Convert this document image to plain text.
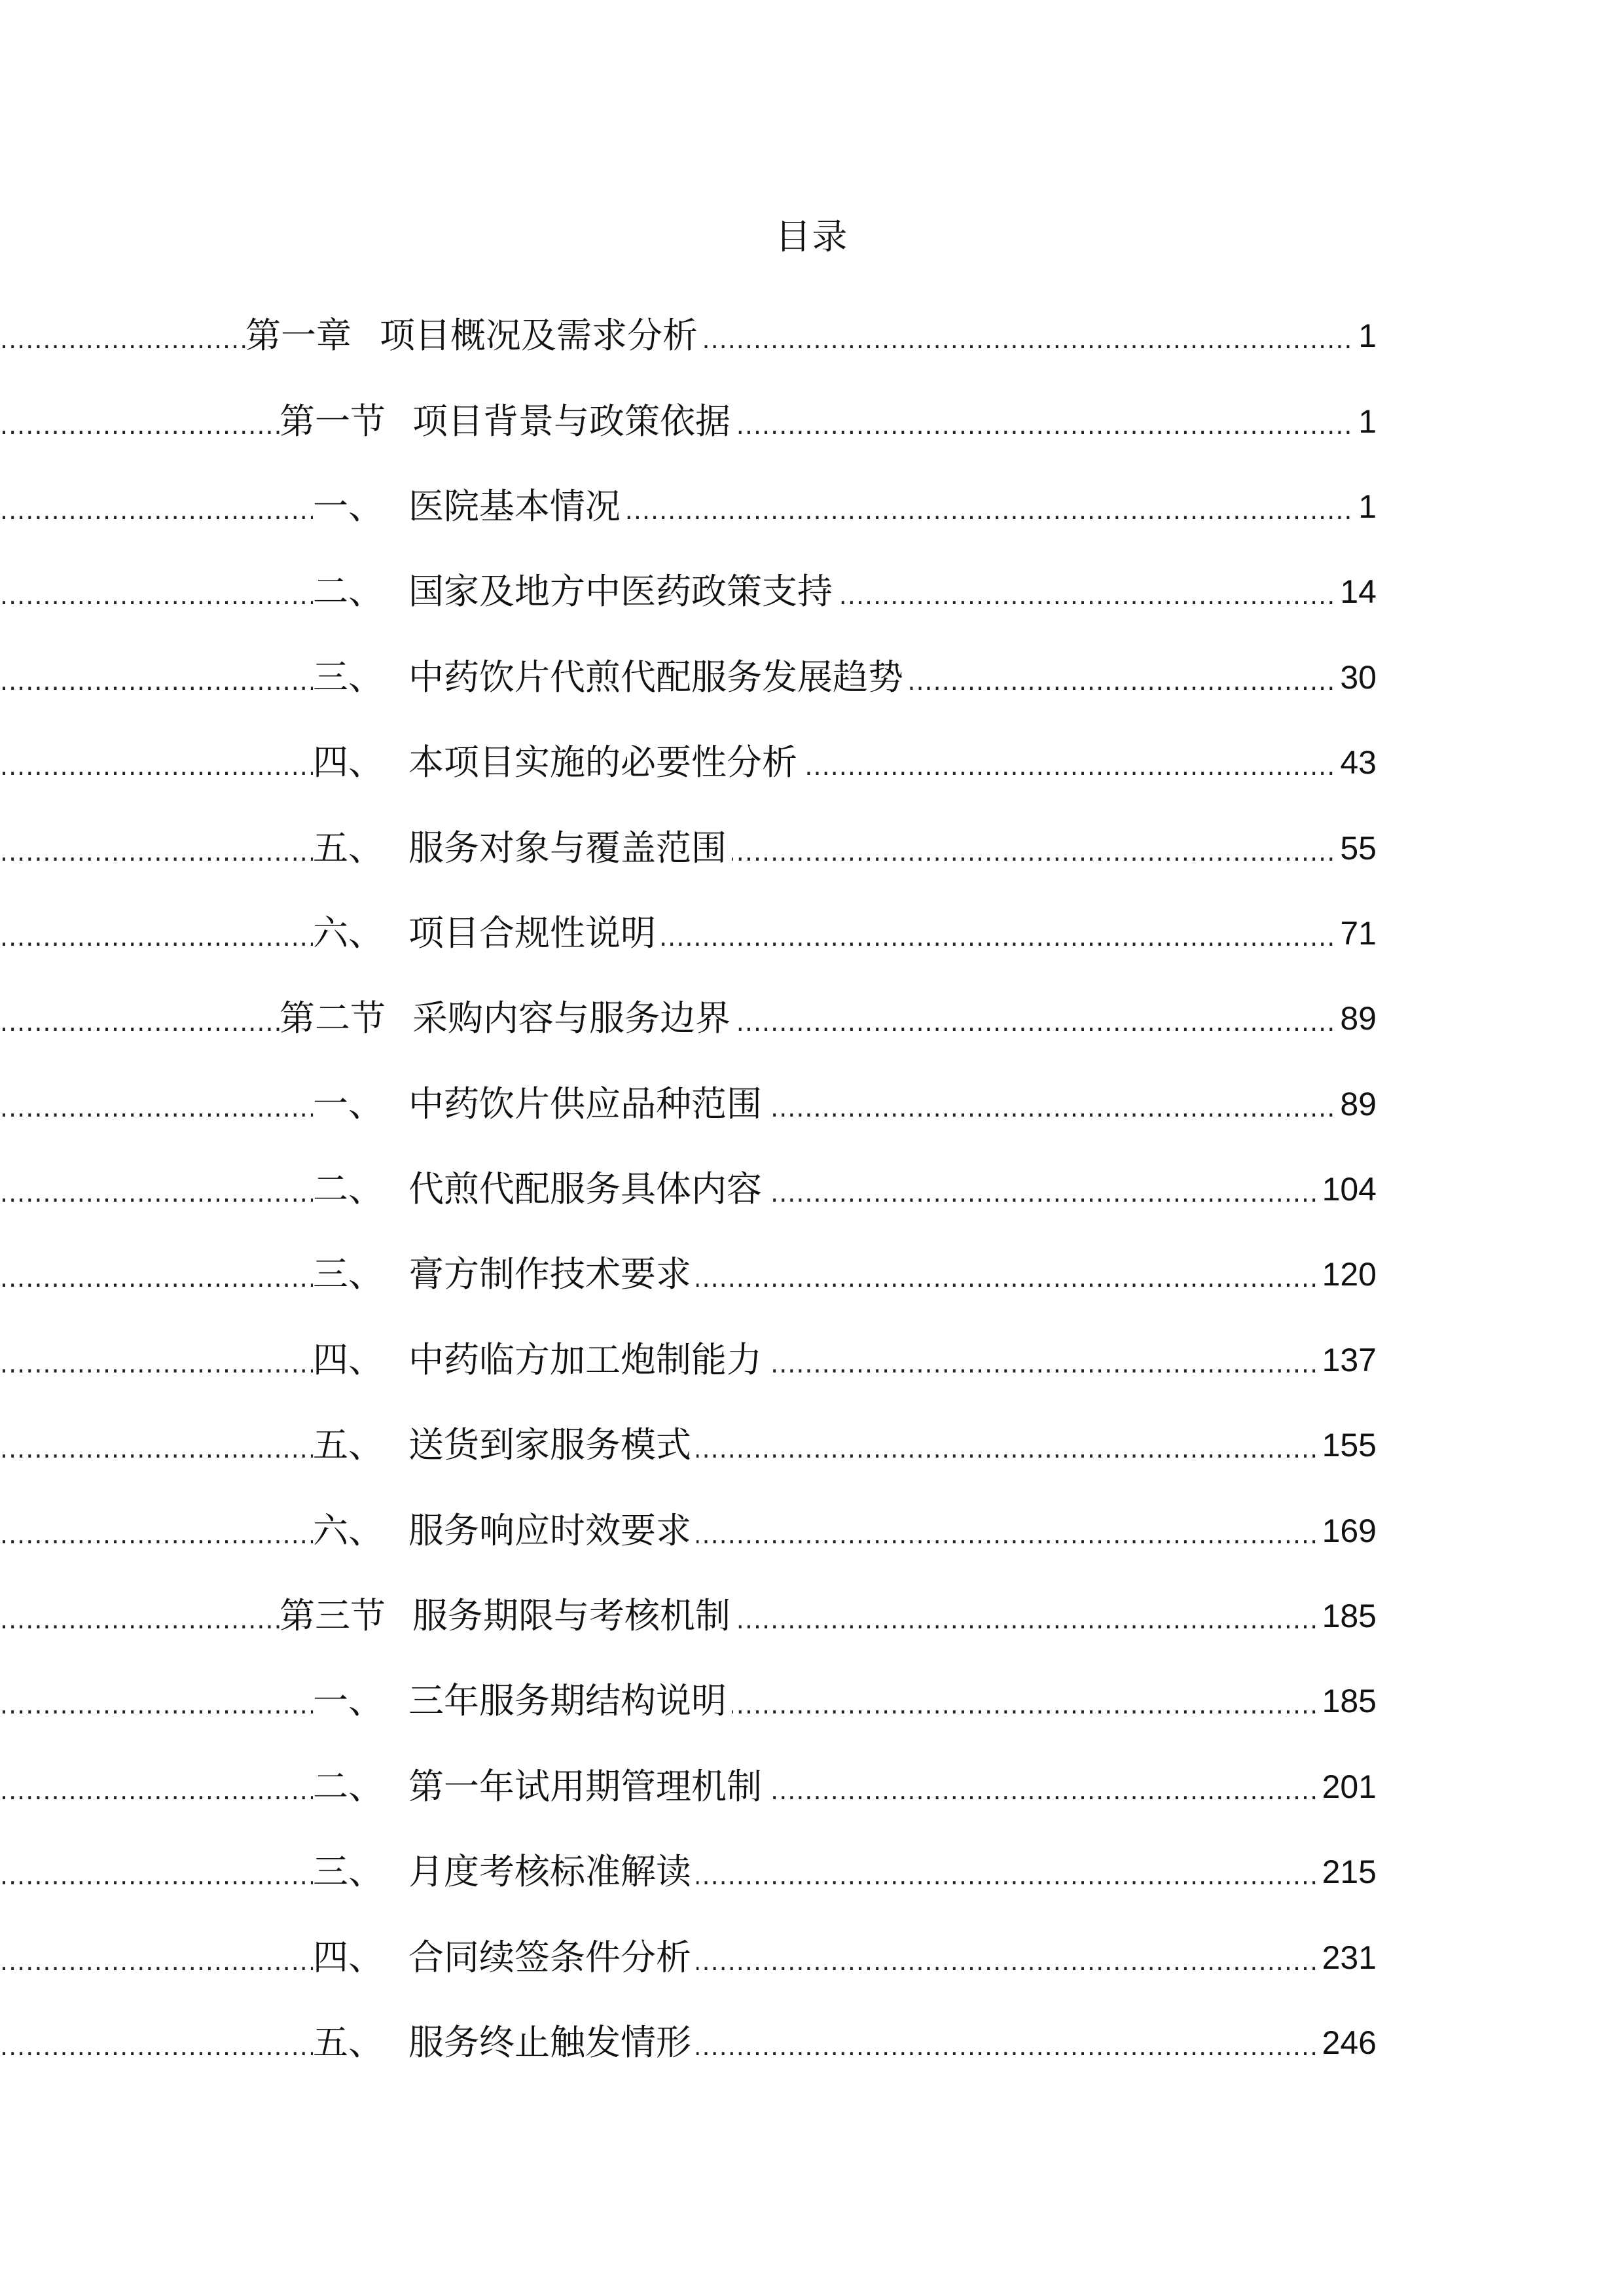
目录
第一章 项目概况及需求分析 .....	1
第一节 项目背景与政策依据 .....	1
一、 医院基本情况 .....	1
二、 国家及地方中医药政策支持 .....	14
三、 中药饮片代煎代配服务发展趋势 .....	30
四、 本项目实施的必要性分析 .....	43
五、 服务对象与覆盖范围 .....	55
六、 项目合规性说明 .....	71
第二节 采购内容与服务边界 .....	89
一、 中药饮片供应品种范围 .....	89
二、 代煎代配服务具体内容 .....	104
三、 膏方制作技术要求 .....	120
四、 中药临方加工炮制能力 .....	137
五、 送货到家服务模式 .....	155
六、 服务响应时效要求 .....	169
第三节 服务期限与考核机制 .....	185
一、 三年服务期结构说明 .....	185
二、 第一年试用期管理机制 .....	201
三、 月度考核标准解读 .....	215
四、 合同续签条件分析 .....	231
五、 服务终止触发情形 .....	246
